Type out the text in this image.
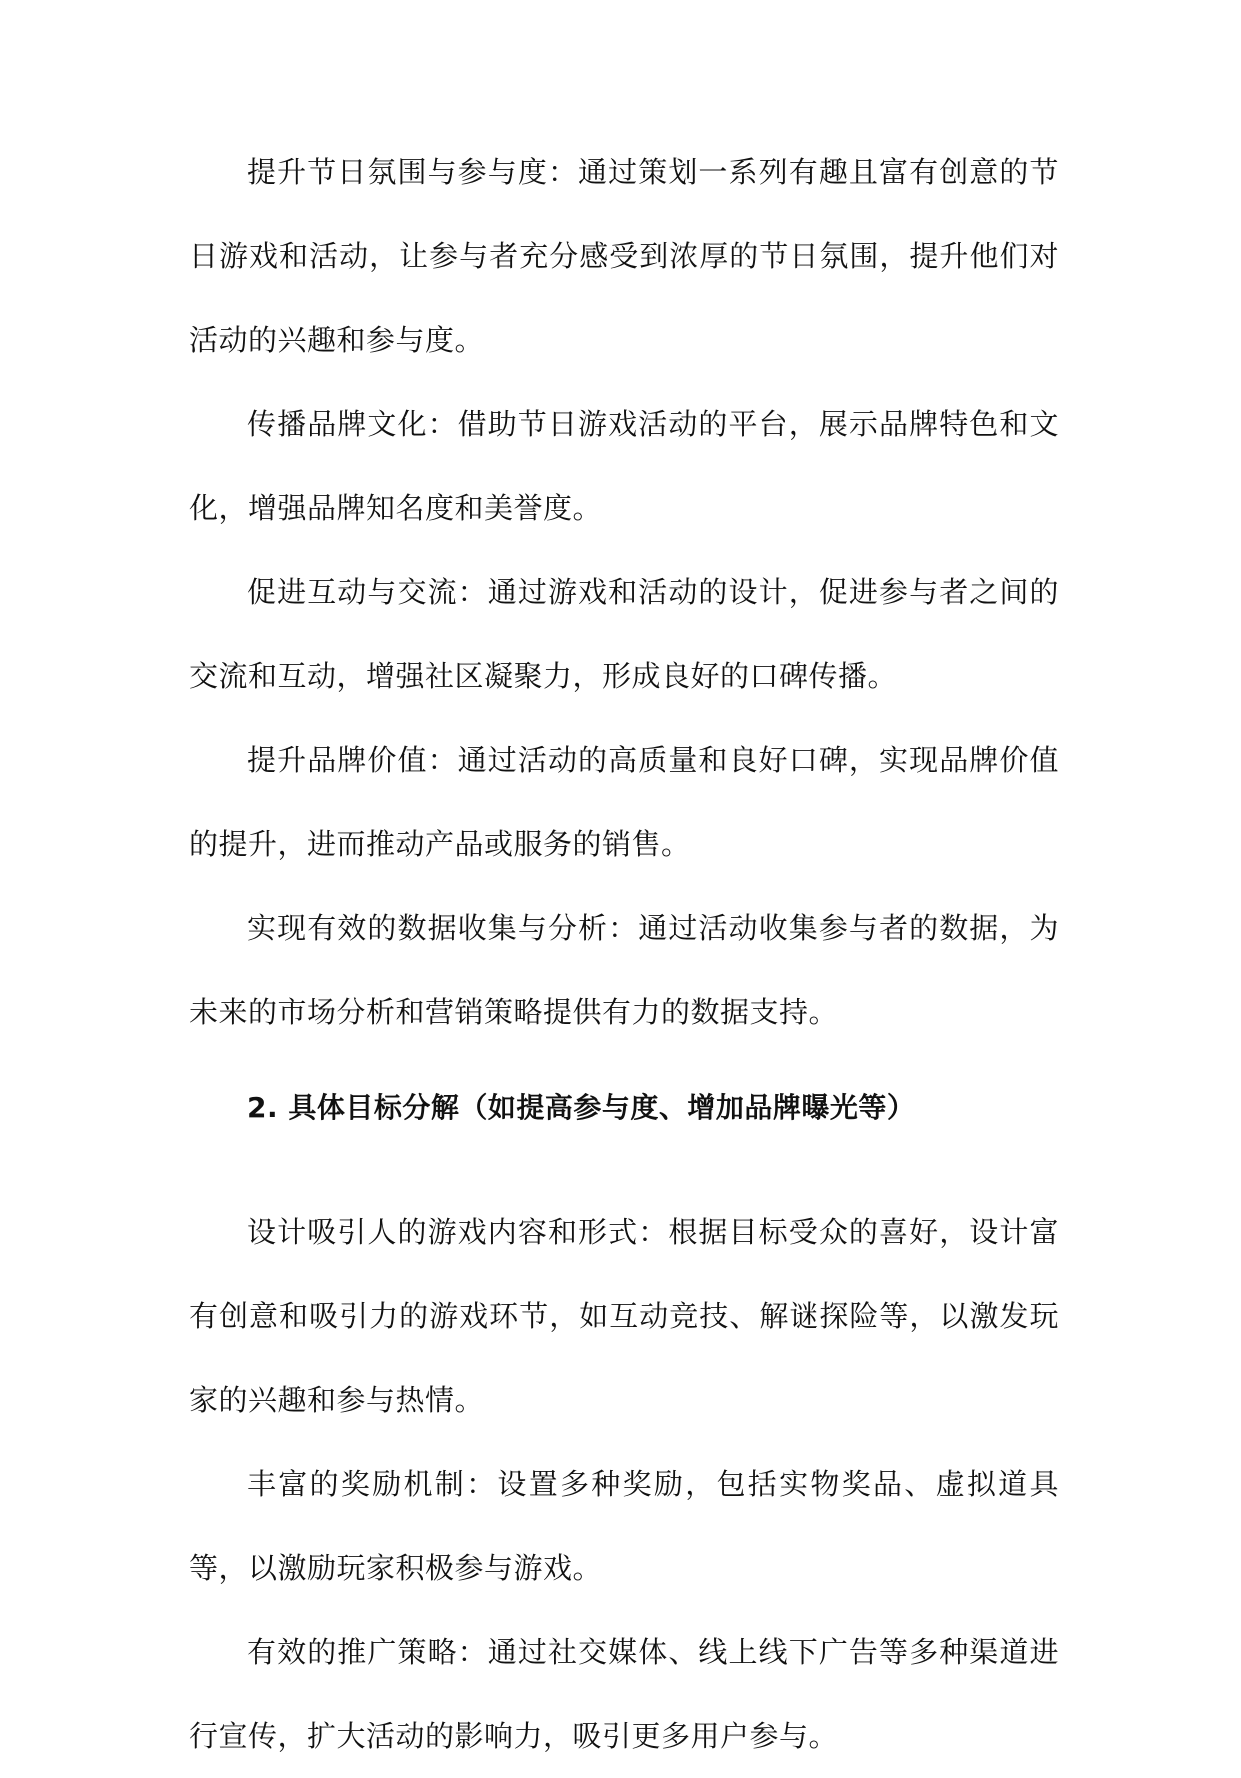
提升节日氛围与参与度：通过策划一系列有趣且富有创意的节日游戏和活动，让参与者充分感受到浓厚的节日氛围，提升他们对活动的兴趣和参与度。

传播品牌文化：借助节日游戏活动的平台，展示品牌特色和文化，增强品牌知名度和美誉度。

促进互动与交流：通过游戏和活动的设计，促进参与者之间的交流和互动，增强社区凝聚力，形成良好的口碑传播。

提升品牌价值：通过活动的高质量和良好口碑，实现品牌价值的提升，进而推动产品或服务的销售。

实现有效的数据收集与分析：通过活动收集参与者的数据，为未来的市场分析和营销策略提供有力的数据支持。

2. 具体目标分解（如提高参与度、增加品牌曝光等）

设计吸引人的游戏内容和形式：根据目标受众的喜好，设计富有创意和吸引力的游戏环节，如互动竞技、解谜探险等，以激发玩家的兴趣和参与热情。

丰富的奖励机制：设置多种奖励，包括实物奖品、虚拟道具等，以激励玩家积极参与游戏。

有效的推广策略：通过社交媒体、线上线下广告等多种渠道进行宣传，扩大活动的影响力，吸引更多用户参与。
